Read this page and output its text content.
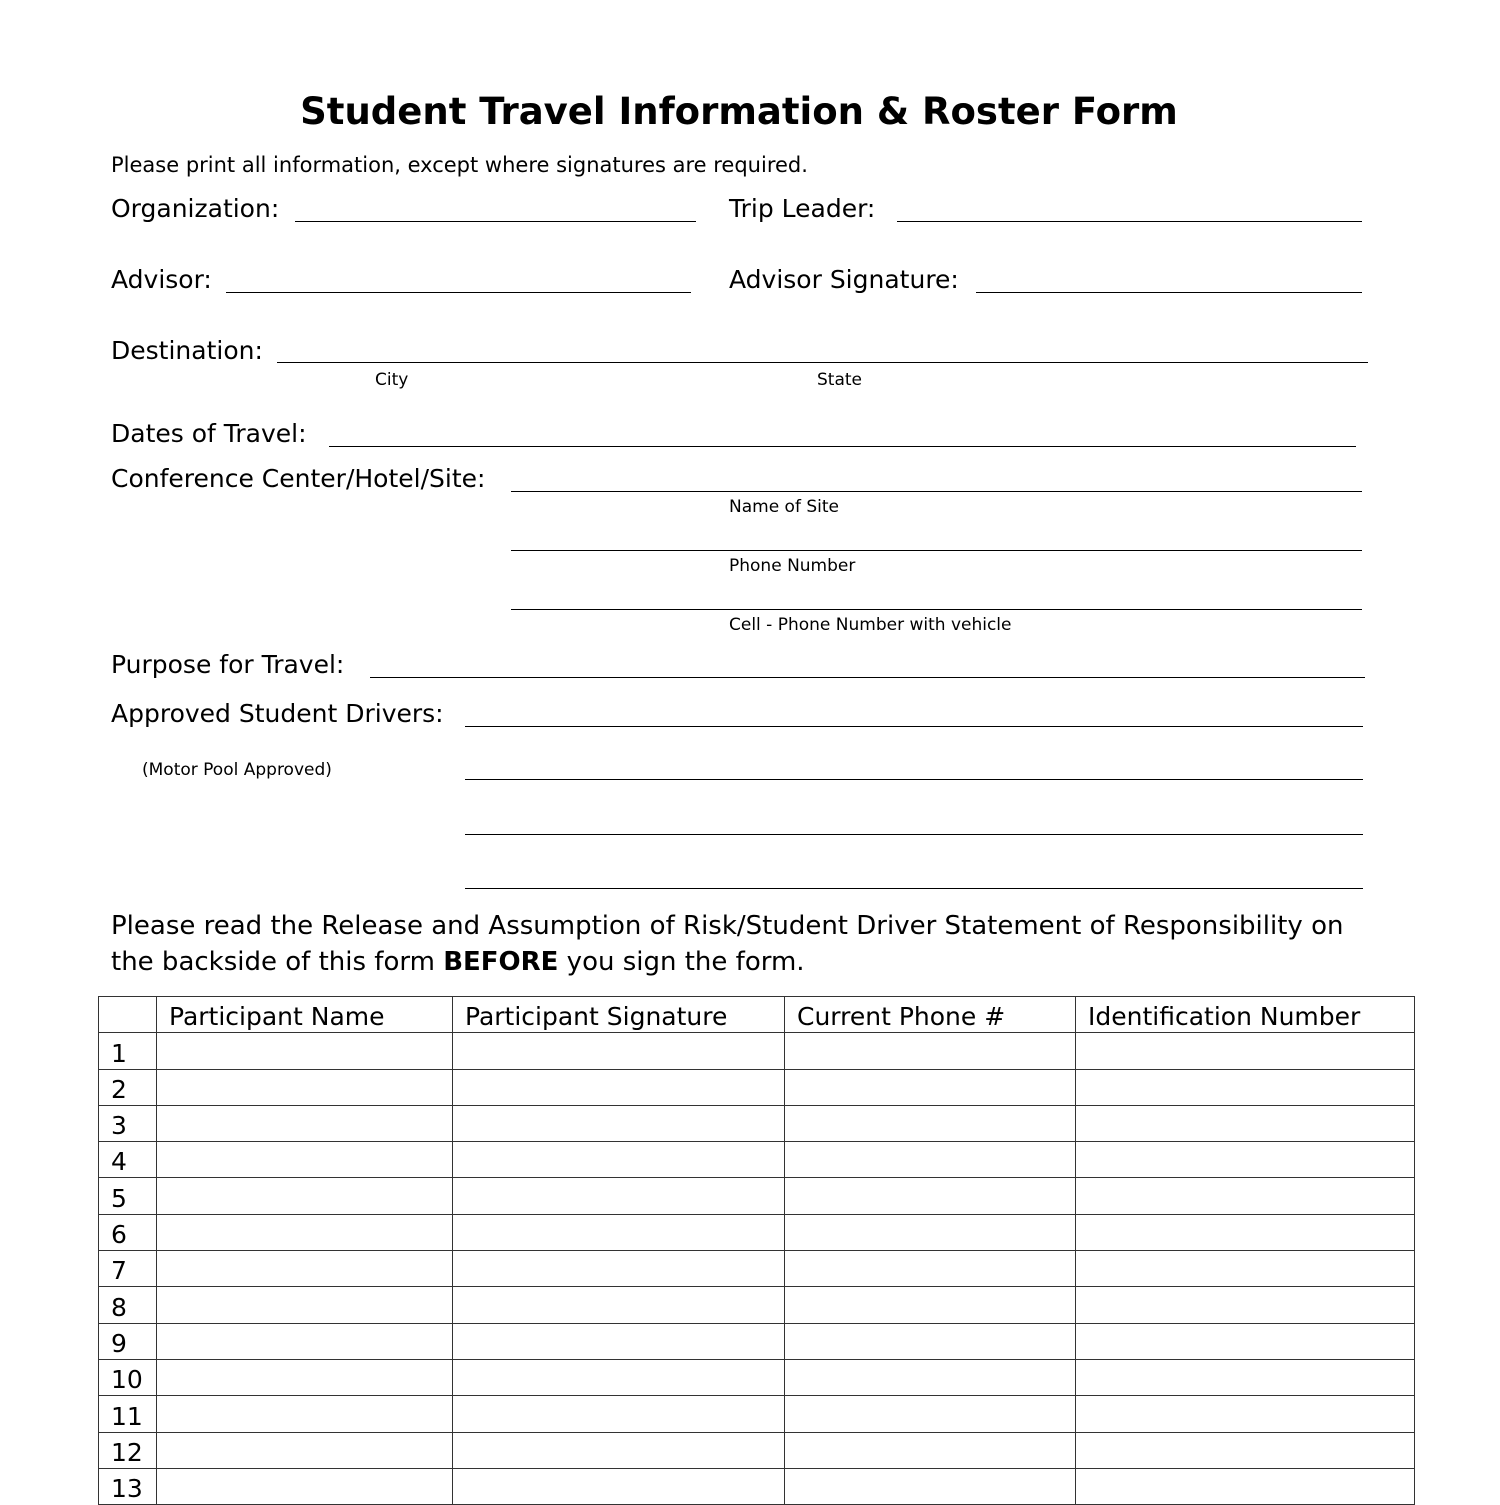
Student Travel Information & Roster Form
Please print all information, except where signatures are required.
Organization:	Trip Leader:
Advisor:	Advisor Signature:
Destination:
City	State
Dates of Travel:
Conference Center/Hotel/Site:
Name of Site
Phone Number
Cell - Phone Number with vehicle
Purpose for Travel:
Approved Student Drivers:
(Motor Pool Approved)
Please read the Release and Assumption of Risk/Student Driver Statement of Responsibility on the backside of this form BEFORE you sign the form.
	Participant Name	Participant Signature	Current Phone #	Identification Number
1				
2				
3				
4				
5				
6				
7				
8				
9				
10				
11				
12				
13				
